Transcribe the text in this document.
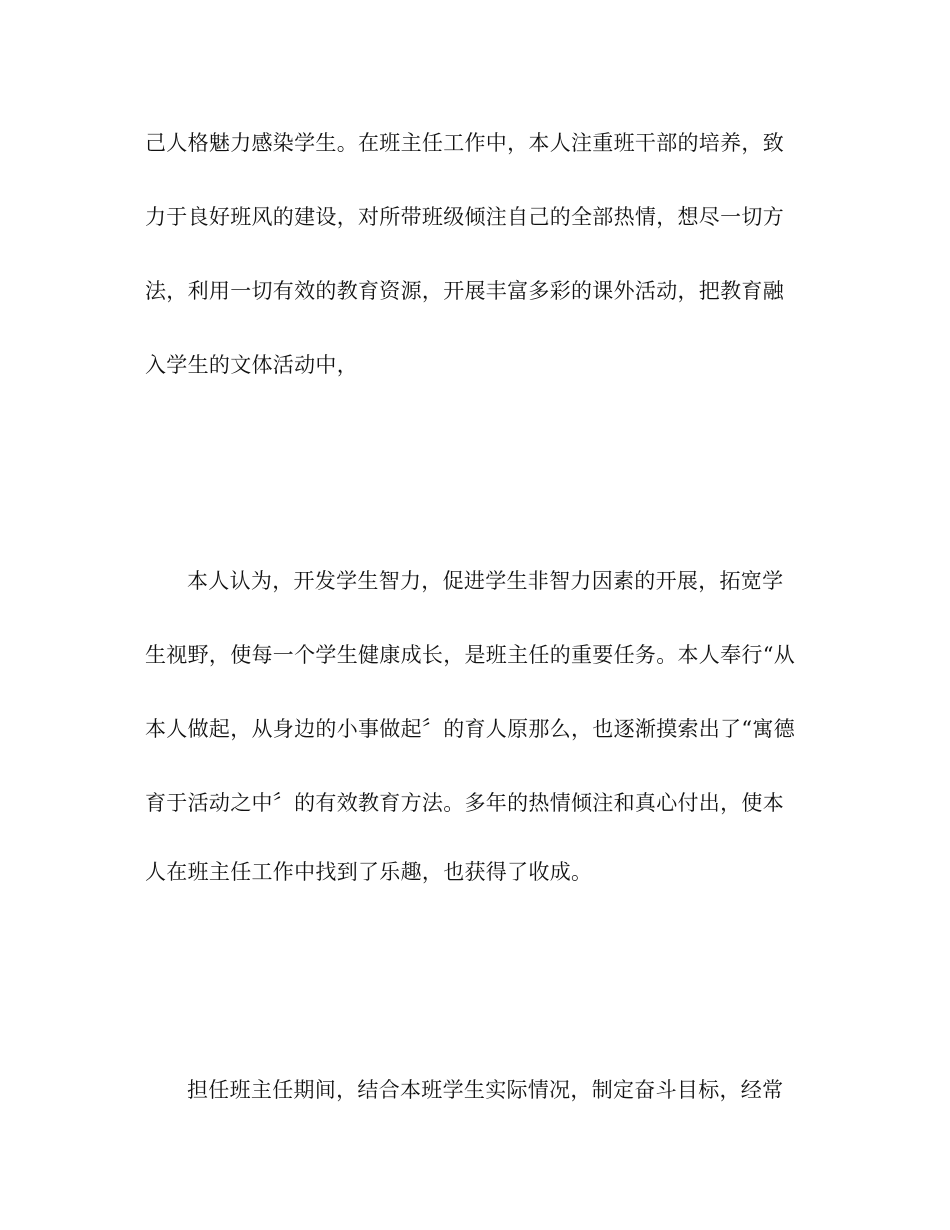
己人格魅力感染学生。在班主任工作中，本人注重班干部的培养，致
力于良好班风的建设，对所带班级倾注自己的全部热情，想尽一切方
法，利用一切有效的教育资源，开展丰富多彩的课外活动，把教育融
入学生的文体活动中，
本人认为，开发学生智力，促进学生非智力因素的开展，拓宽学
生视野，使每一个学生健康成长，是班主任的重要任务。本人奉行“从
本人做起，从身边的小事做起〞的育人原那么，也逐渐摸索出了“寓德
育于活动之中〞的有效教育方法。多年的热情倾注和真心付出，使本
人在班主任工作中找到了乐趣，也获得了收成。
担任班主任期间，结合本班学生实际情况，制定奋斗目标，经常
